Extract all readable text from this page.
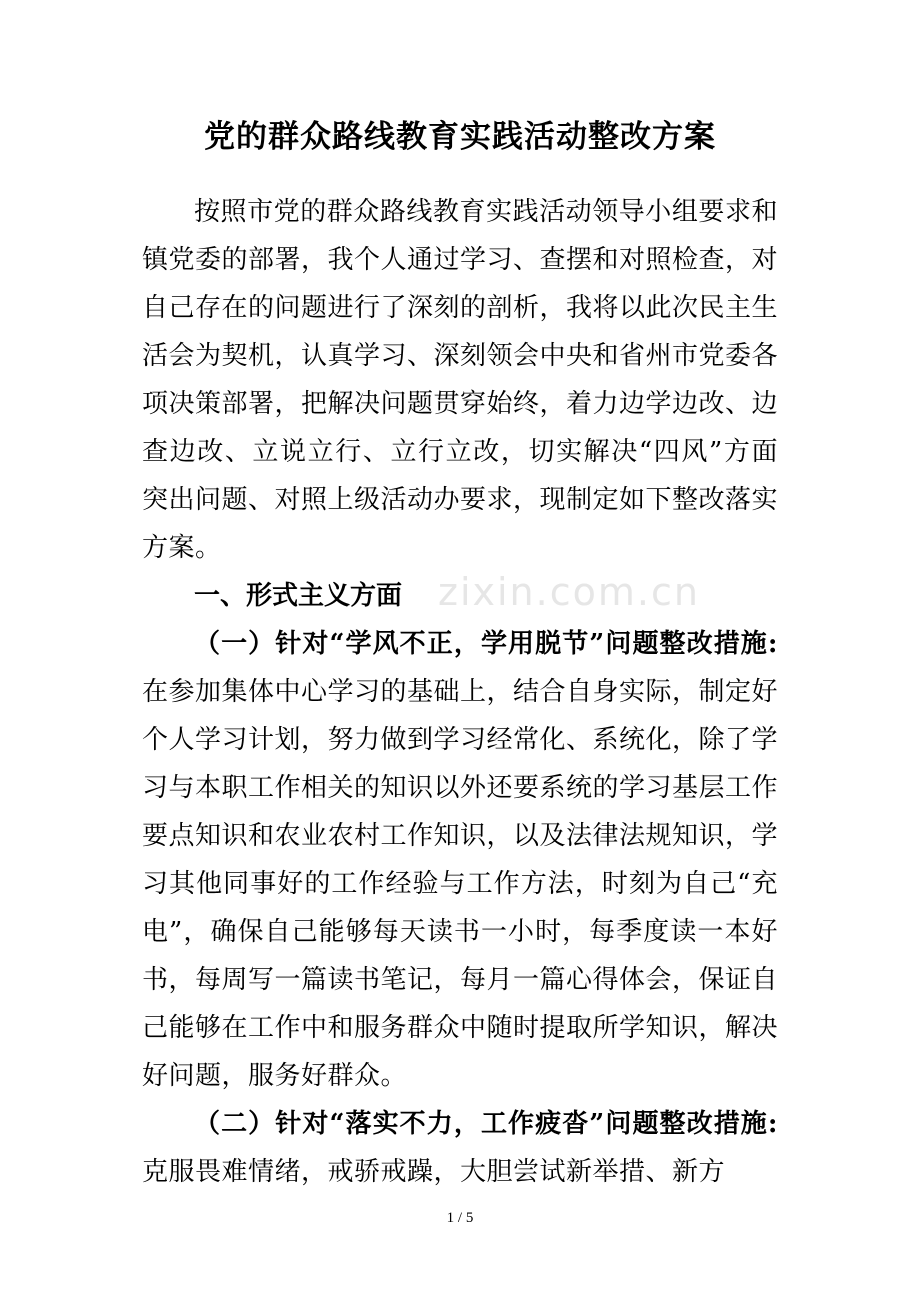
党的群众路线教育实践活动整改方案
zixin.com.cn

按照市党的群众路线教育实践活动领导小组要求和镇党委的部署，我个人通过学习、查摆和对照检查，对自己存在的问题进行了深刻的剖析，我将以此次民主生活会为契机，认真学习、深刻领会中央和省州市党委各项决策部署，把解决问题贯穿始终，着力边学边改、边查边改、立说立行、立行立改，切实解决“四风”方面突出问题、对照上级活动办要求，现制定如下整改落实方案。

一、形式主义方面

（一）针对“学风不正，学用脱节”问题整改措施:在参加集体中心学习的基础上，结合自身实际，制定好个人学习计划，努力做到学习经常化、系统化，除了学习与本职工作相关的知识以外还要系统的学习基层工作要点知识和农业农村工作知识，以及法律法规知识，学习其他同事好的工作经验与工作方法，时刻为自己“充电”，确保自己能够每天读书一小时，每季度读一本好书，每周写一篇读书笔记，每月一篇心得体会，保证自己能够在工作中和服务群众中随时提取所学知识，解决好问题，服务好群众。

（二）针对“落实不力，工作疲沓”问题整改措施:克服畏难情绪，戒骄戒躁，大胆尝试新举措、新方

1 / 5
